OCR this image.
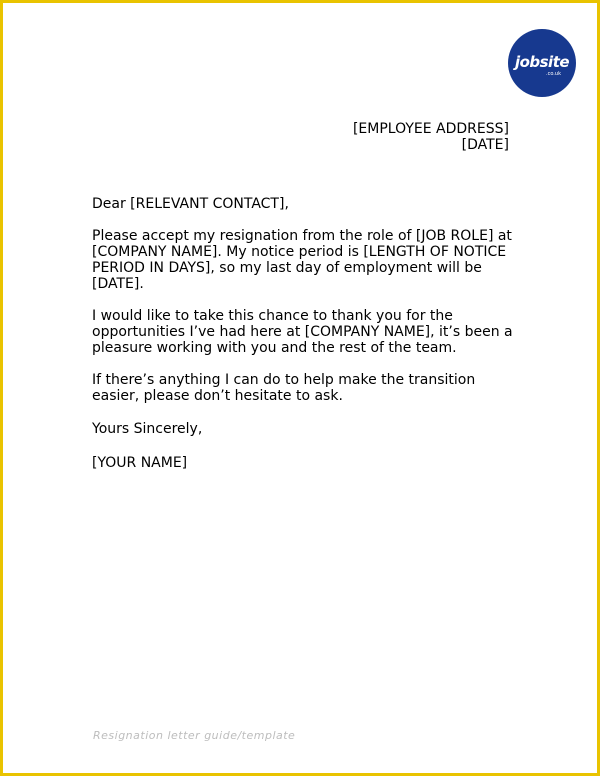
jobsite
.co.uk
[EMPLOYEE ADDRESS]
[DATE]

Dear [RELEVANT CONTACT],

Please accept my resignation from the role of [JOB ROLE] at [COMPANY NAME]. My notice period is [LENGTH OF NOTICE PERIOD IN DAYS], so my last day of employment will be [DATE].

I would like to take this chance to thank you for the opportunities I’ve had here at [COMPANY NAME], it’s been a pleasure working with you and the rest of the team.

If there’s anything I can do to help make the transition easier, please don’t hesitate to ask.

Yours Sincerely,

[YOUR NAME]

Resignation letter guide/template
